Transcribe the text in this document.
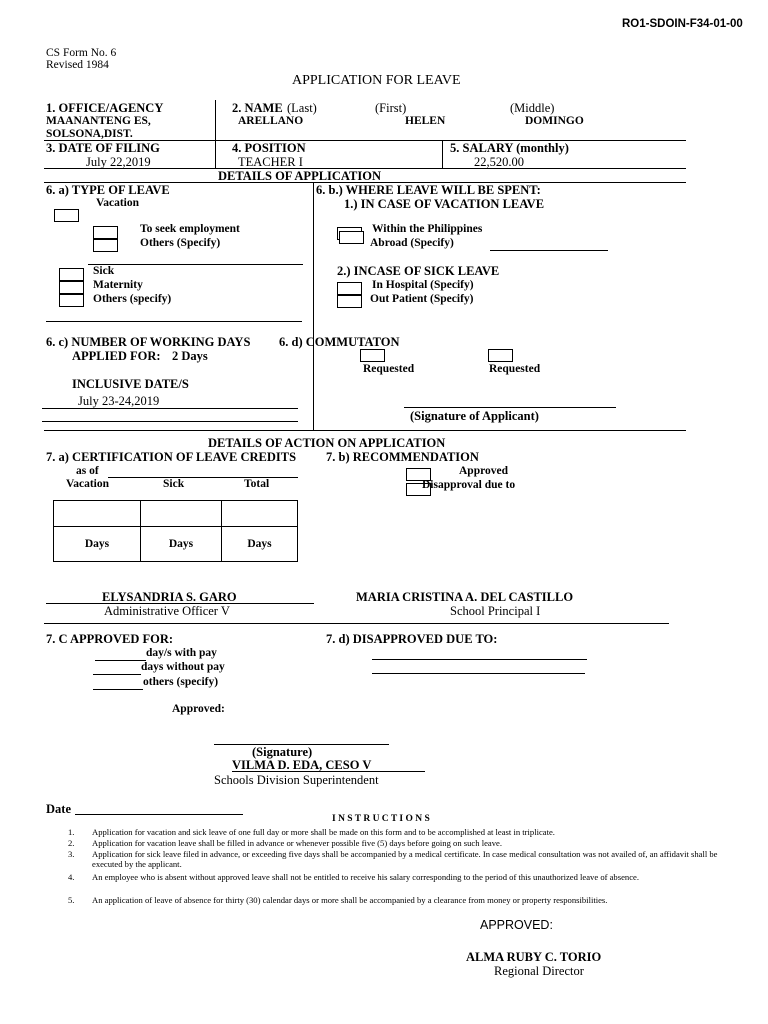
RO1-SDOIN-F34-01-00
CS Form No. 6
Revised 1984
APPLICATION FOR LEAVE
1. OFFICE/AGENCY
MAANANTENG ES,
SOLSONA,DIST.
2. NAME (Last)	(First)	(Middle)
ARELLANO	HELEN	DOMINGO
3. DATE OF FILING
July 22,2019
4. POSITION
TEACHER I
5. SALARY (monthly)
22,520.00
DETAILS OF APPLICATION
6. a) TYPE OF LEAVE
Vacation
To seek employment
Others (Specify)
Sick
Maternity
Others (specify)
6. b.) WHERE LEAVE WILL BE SPENT:
1.) IN CASE OF VACATION LEAVE
Within the Philippines
Abroad (Specify)
2.) INCASE OF SICK LEAVE
In Hospital (Specify)
Out Patient (Specify)
6. c) NUMBER OF WORKING DAYS
APPLIED FOR: 2 Days
INCLUSIVE DATE/S
July 23-24,2019
6. d) COMMUTATON
Requested	Requested
(Signature of Applicant)
DETAILS OF ACTION ON APPLICATION
7. a) CERTIFICATION OF LEAVE CREDITS
as of
Vacation	Sick	Total
Days	Days	Days
7. b) RECOMMENDATION
Approved
Disapproval due to
ELYSANDRIA S. GARO
Administrative Officer V
MARIA CRISTINA A. DEL CASTILLO
School Principal I
7. C APPROVED FOR:
day/s with pay
days without pay
others (specify)
Approved:
7. d) DISAPPROVED DUE TO:
(Signature)
VILMA D. EDA, CESO V
Schools Division Superintendent
Date
I N S T R U C T I O N S
1. Application for vacation and sick leave of one full day or more shall be made on this form and to be accomplished at least in triplicate.
2. Application for vacation leave shall be filled in advance or whenever possible five (5) days before going on such leave.
3. Application for sick leave filed in advance, or exceeding five days shall be accompanied by a medical certificate. In case medical consultation was not availed of, an affidavit shall be executed by the applicant.
4. An employee who is absent without approved leave shall not be entitled to receive his salary corresponding to the period of this unauthorized leave of absence.
5. An application of leave of absence for thirty (30) calendar days or more shall be accompanied by a clearance from money or property responsibilities.
APPROVED:
ALMA RUBY C. TORIO
Regional Director
